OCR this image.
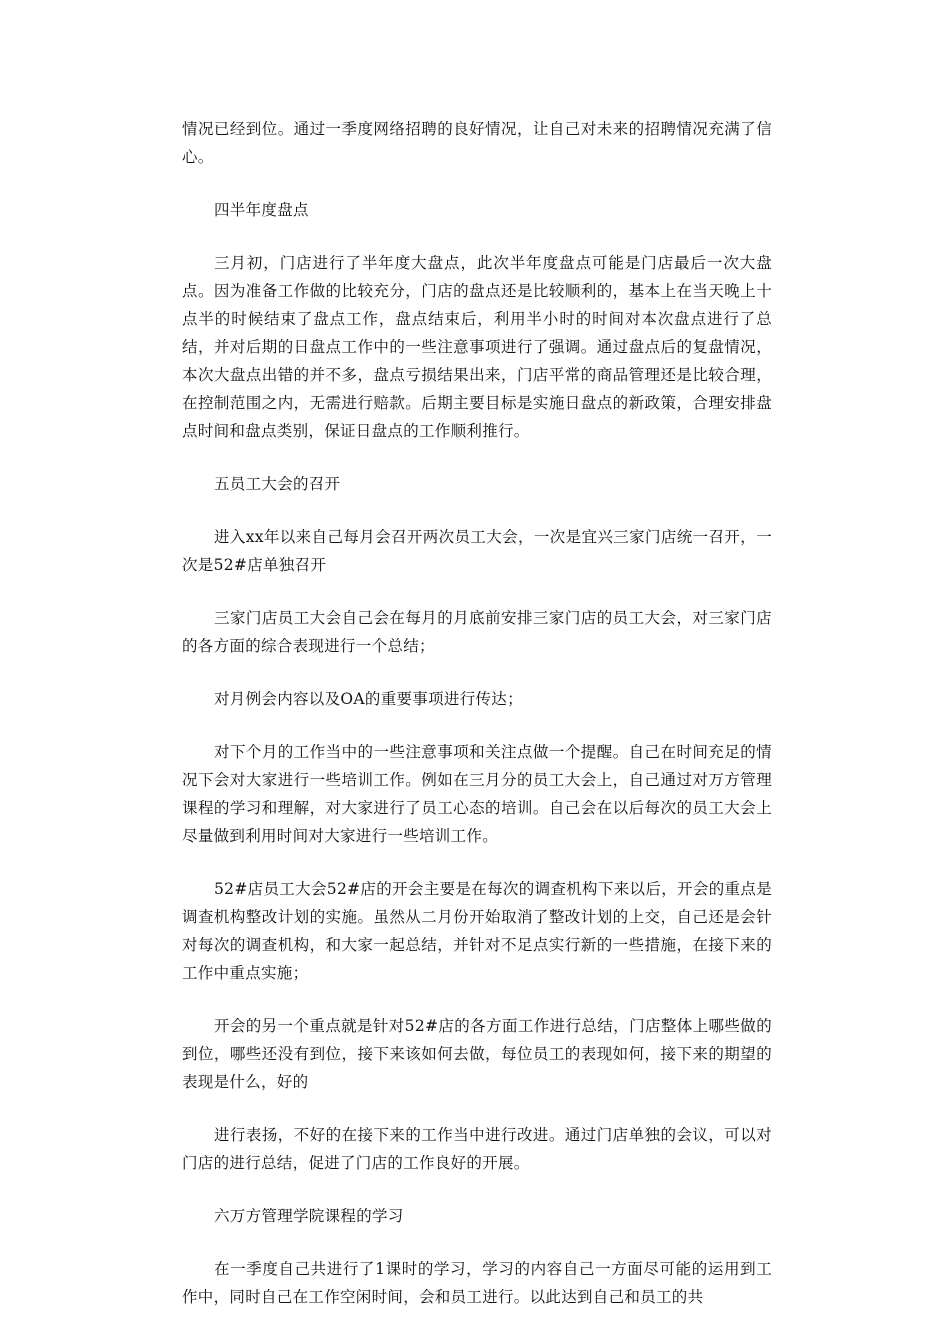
情况已经到位。通过一季度网络招聘的良好情况，让自己对未来的招聘情况充满了信心。

四半年度盘点

三月初，门店进行了半年度大盘点，此次半年度盘点可能是门店最后一次大盘点。因为准备工作做的比较充分，门店的盘点还是比较顺利的，基本上在当天晚上十点半的时候结束了盘点工作，盘点结束后，利用半小时的时间对本次盘点进行了总结，并对后期的日盘点工作中的一些注意事项进行了强调。通过盘点后的复盘情况，本次大盘点出错的并不多，盘点亏损结果出来，门店平常的商品管理还是比较合理，在控制范围之内，无需进行赔款。后期主要目标是实施日盘点的新政策，合理安排盘点时间和盘点类别，保证日盘点的工作顺利推行。

五员工大会的召开

进入xx年以来自己每月会召开两次员工大会，一次是宜兴三家门店统一召开，一次是52#店单独召开

三家门店员工大会自己会在每月的月底前安排三家门店的员工大会，对三家门店的各方面的综合表现进行一个总结；

对月例会内容以及OA的重要事项进行传达；

对下个月的工作当中的一些注意事项和关注点做一个提醒。自己在时间充足的情况下会对大家进行一些培训工作。例如在三月分的员工大会上，自己通过对万方管理课程的学习和理解，对大家进行了员工心态的培训。自己会在以后每次的员工大会上尽量做到利用时间对大家进行一些培训工作。

52#店员工大会52#店的开会主要是在每次的调查机构下来以后，开会的重点是调查机构整改计划的实施。虽然从二月份开始取消了整改计划的上交，自己还是会针对每次的调查机构，和大家一起总结，并针对不足点实行新的一些措施，在接下来的工作中重点实施；

开会的另一个重点就是针对52#店的各方面工作进行总结，门店整体上哪些做的到位，哪些还没有到位，接下来该如何去做，每位员工的表现如何，接下来的期望的表现是什么，好的

进行表扬，不好的在接下来的工作当中进行改进。通过门店单独的会议，可以对门店的进行总结，促进了门店的工作良好的开展。

六万方管理学院课程的学习

在一季度自己共进行了1课时的学习，学习的内容自己一方面尽可能的运用到工作中，同时自己在工作空闲时间，会和员工进行。以此达到自己和员工的共
